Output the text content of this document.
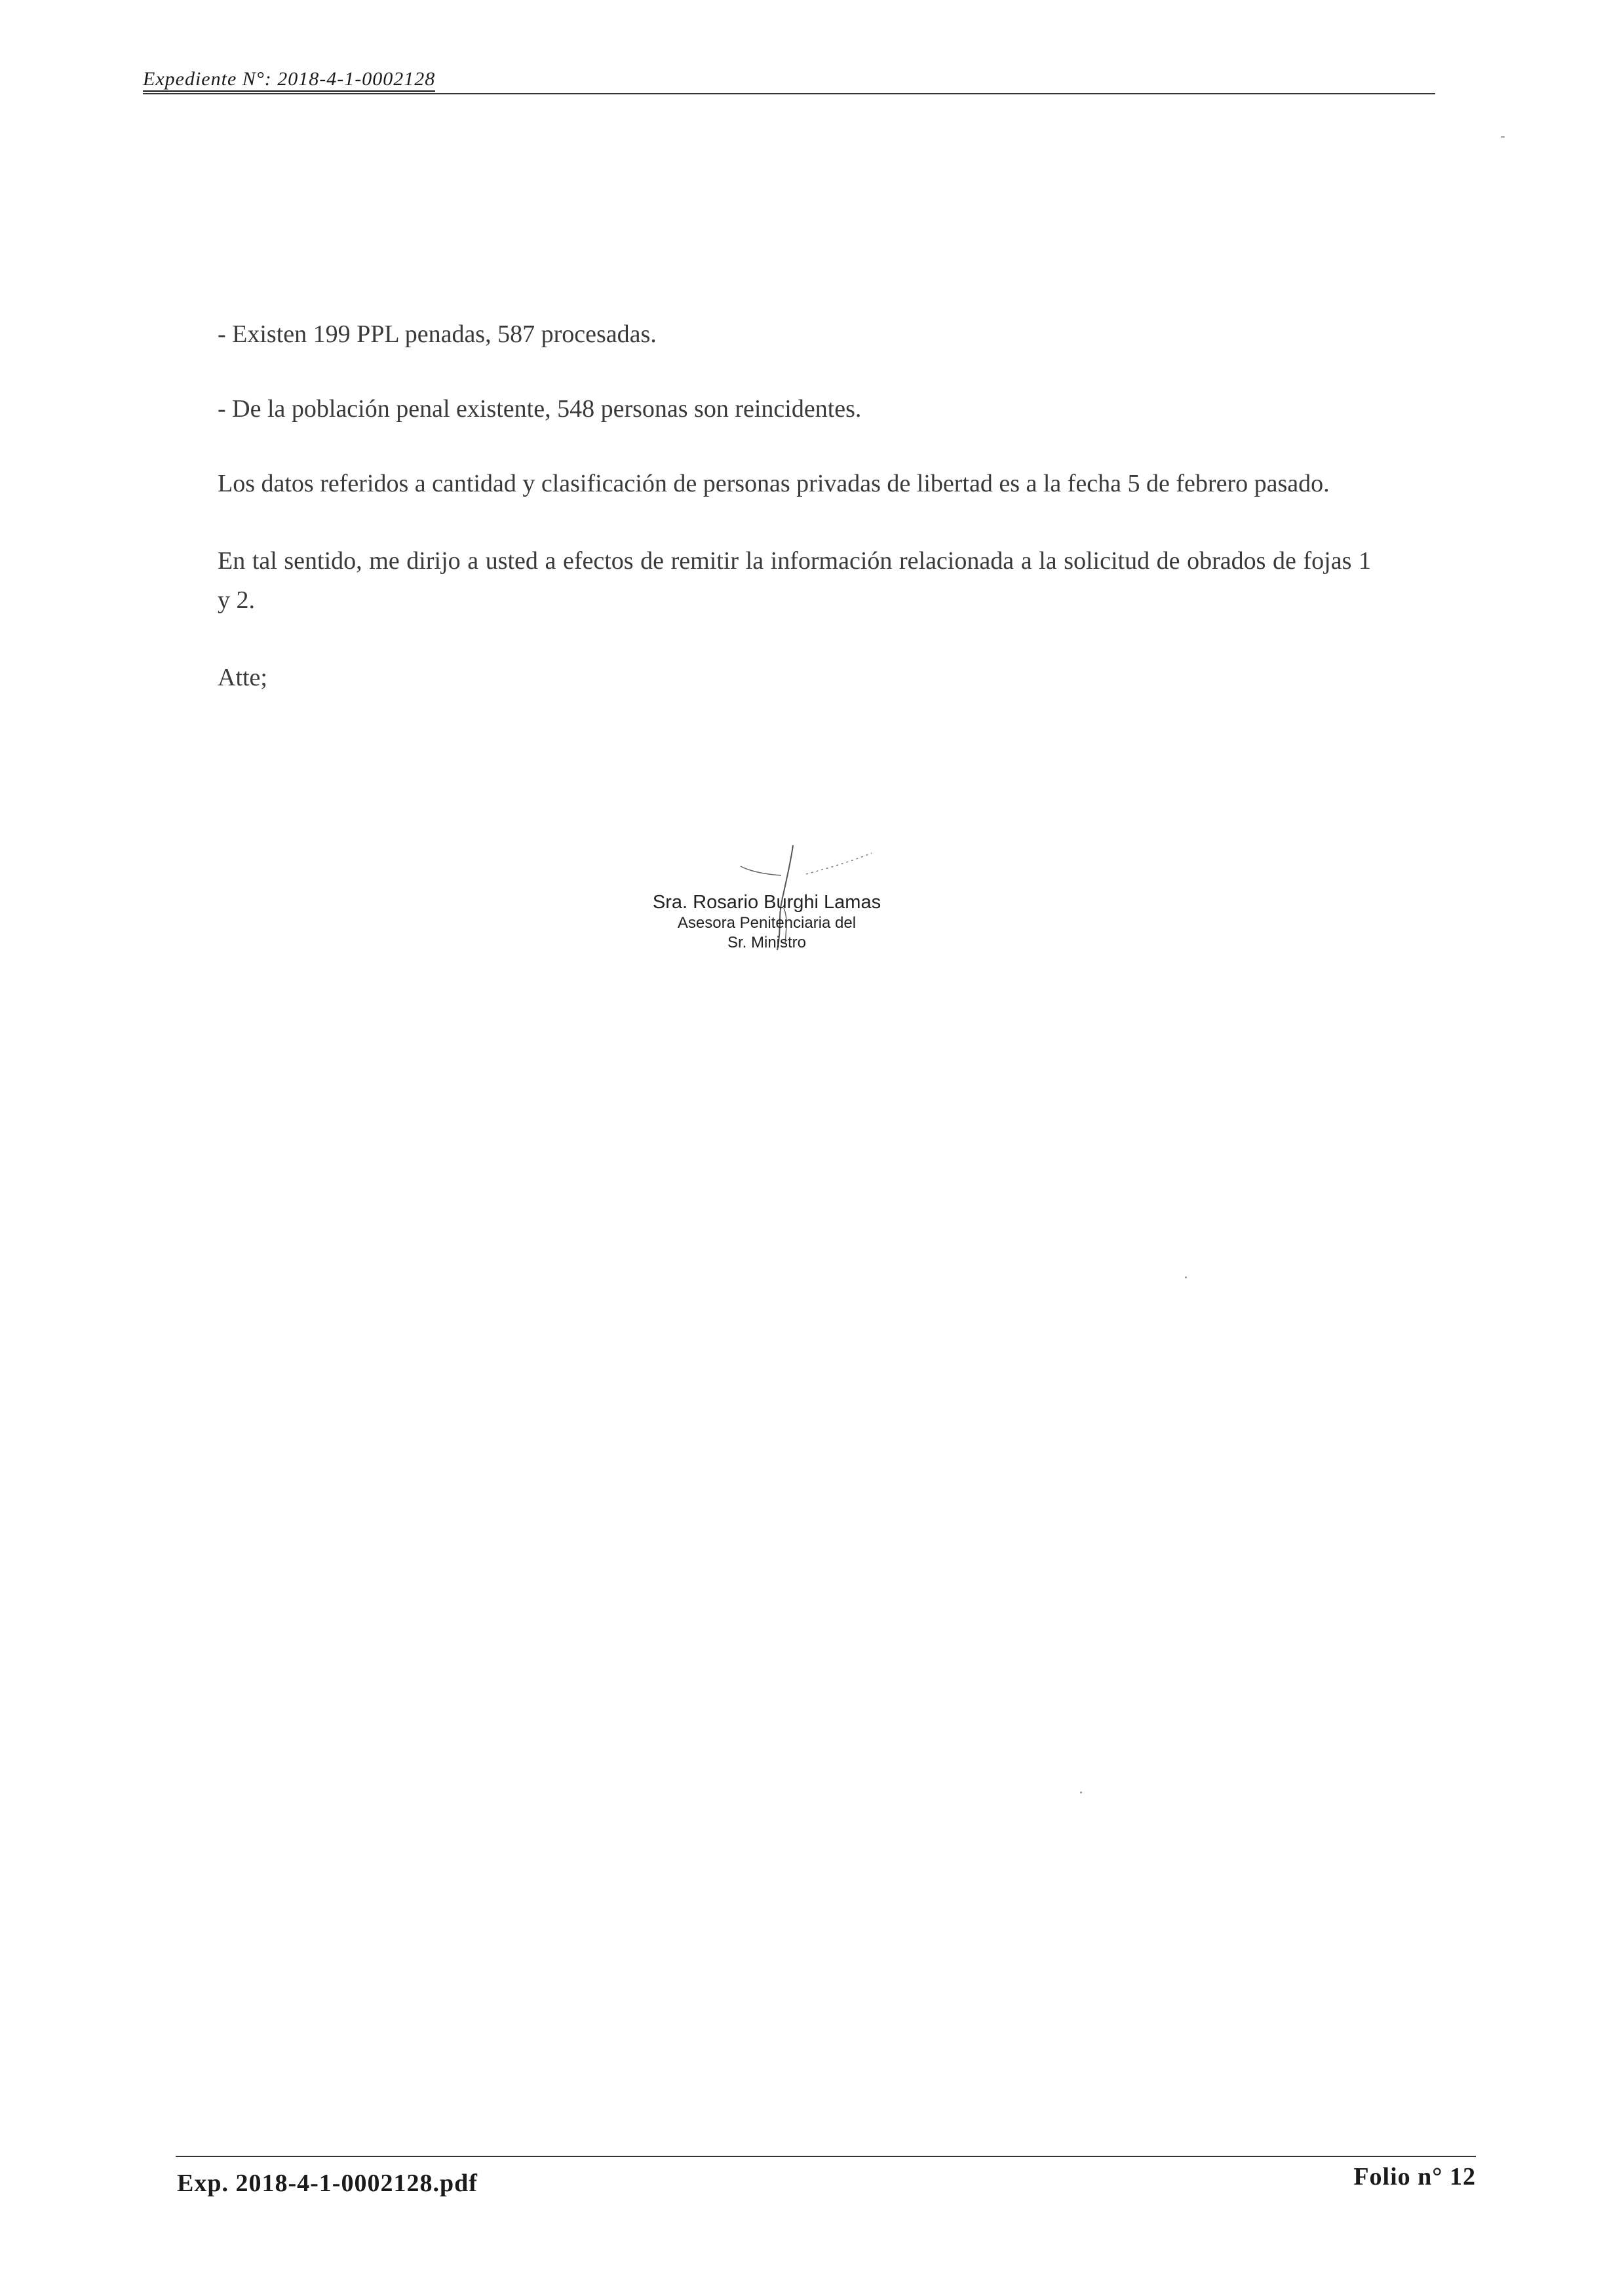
Expediente N°: 2018-4-1-0002128

- Existen 199 PPL penadas, 587 procesadas.

- De la población penal existente, 548 personas son reincidentes.

Los datos referidos a cantidad y clasificación de personas privadas de libertad es a la fecha 5 de febrero pasado.

En tal sentido, me dirijo a usted a efectos de remitir la información relacionada a la solicitud de obrados de fojas 1 y 2.

Atte;

Sra. Rosario Burghi Lamas
Asesora Penitenciaria del
Sr. Ministro
Exp. 2018-4-1-0002128.pdf	Folio n° 12
